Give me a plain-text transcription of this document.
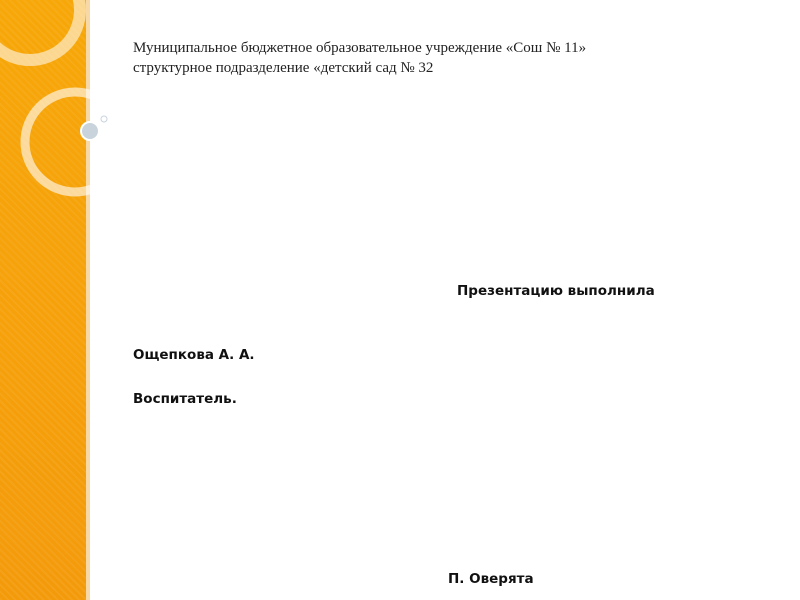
Муниципальное бюджетное образовательное учреждение «Сош № 11»
структурное подразделение «детский сад № 32
Презентацию выполнила
Ощепкова А. А.
Воспитатель.
П. Оверята
